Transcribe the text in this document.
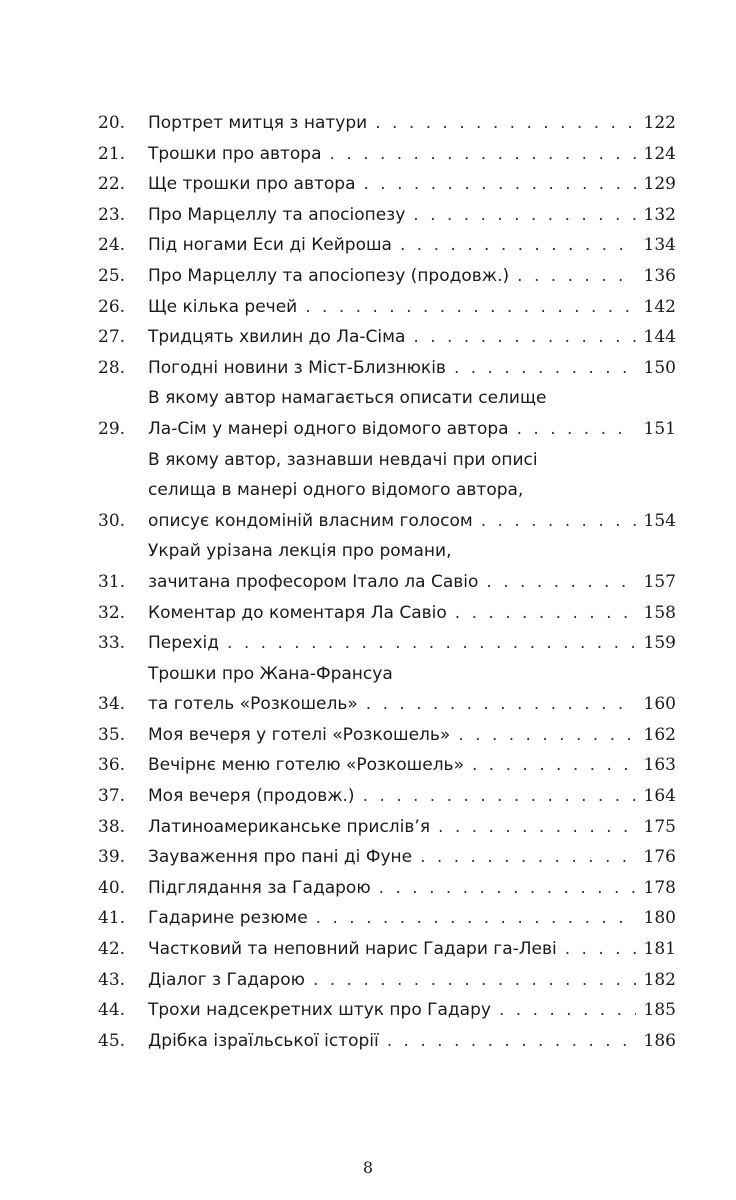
20.	Портрет митця з натури . . .	122
21.	Трошки про автора . . .	124
22.	Ще трошки про автора . . .	129
23.	Про Марцеллу та апосіопезу . . .	132
24.	Під ногами Еси ді Кейроша . . .	134
25.	Про Марцеллу та апосіопезу (продовж.) . . .	136
26.	Ще кілька речей . . .	142
27.	Тридцять хвилин до Ла-Сіма . . .	144
28.	Погодні новини з Міст-Близнюків . . .	150
29.
В якому автор намагається описати селище
Ла-Сім у манері одного відомого автора . . .	151
30.
В якому автор, зазнавши невдачі при описі
селища в манері одного відомого автора,
описує кондоміній власним голосом . . .	154
31.
Украй урізана лекція про романи,
зачитана професором Італо ла Савіо . . .	157
32.	Коментар до коментаря Ла Савіо . . .	158
33.	Перехід . . .	159
34.
Трошки про Жана-Франсуа
та готель «Розкошель» . . .	160
35.	Моя вечеря у готелі «Розкошель» . . .	162
36.	Вечірнє меню готелю «Розкошель» . . .	163
37.	Моя вечеря (продовж.) . . .	164
38.	Латиноамериканське прислів’я . . .	175
39.	Зауваження про пані ді Фуне . . .	176
40.	Підглядання за Гадарою . . .	178
41.	Гадарине резюме . . .	180
42.	Частковий та неповний нарис Гадари га-Леві . . .	181
43.	Діалог з Гадарою . . .	182
44.	Трохи надсекретних штук про Гадару . . .	185
45.	Дрібка ізраїльської історії . . .	186
8
